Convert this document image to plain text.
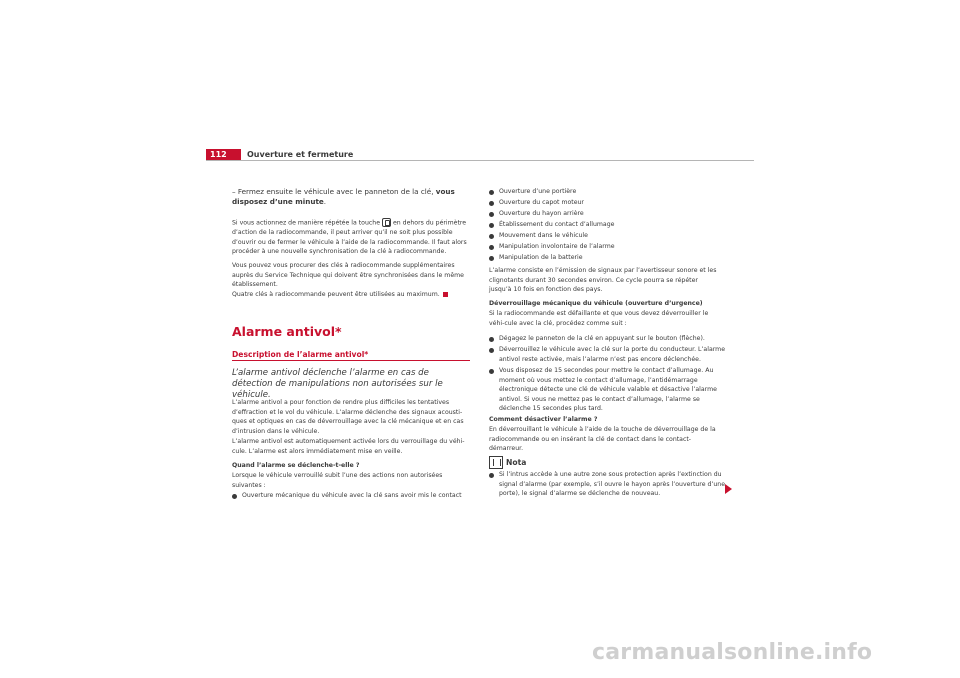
112	Ouverture et fermeture

– Fermez ensuite le véhicule avec le panneton de la clé, vous disposez d’une minute.

Si vous actionnez de manière répétée la touche en dehors du périmètre d’action de la radiocommande, il peut arriver qu’il ne soit plus possible d’ouvrir ou de fermer le véhicule à l’aide de la radiocommande. Il faut alors procéder à une nouvelle synchronisation de la clé à radiocommande.

Vous pouvez vous procurer des clés à radiocommande supplémentaires auprès du Service Technique qui doivent être synchronisées dans le même établissement.

Quatre clés à radiocommande peuvent être utilisées au maximum.

Alarme antivol*
Description de l’alarme antivol*

L’alarme antivol déclenche l’alarme en cas de détection de manipulations non autorisées sur le véhicule.

L’alarme antivol a pour fonction de rendre plus difficiles les tentatives d’effraction et le vol du véhicule. L’alarme déclenche des signaux acousti-ques et optiques en cas de déverrouillage avec la clé mécanique et en cas d’intrusion dans le véhicule.

L’alarme antivol est automatiquement activée lors du verrouillage du véhi-cule. L’alarme est alors immédiatement mise en veille.

Quand l’alarme se déclenche-t-elle ?

Lorsque le véhicule verrouillé subit l’une des actions non autorisées suivantes :

Ouverture mécanique du véhicule avec la clé sans avoir mis le contact

Ouverture d’une portière

Ouverture du capot moteur

Ouverture du hayon arrière

Établissement du contact d’allumage

Mouvement dans le véhicule

Manipulation involontaire de l’alarme

Manipulation de la batterie

L’alarme consiste en l’émission de signaux par l’avertisseur sonore et les clignotants durant 30 secondes environ. Ce cycle pourra se répéter jusqu’à 10 fois en fonction des pays.

Déverrouillage mécanique du véhicule (ouverture d’urgence)

Si la radiocommande est défaillante et que vous devez déverrouiller le véhi-cule avec la clé, procédez comme suit :

Dégagez le panneton de la clé en appuyant sur le bouton (flèche).

Déverrouillez le véhicule avec la clé sur la porte du conducteur. L’alarme antivol reste activée, mais l’alarme n’est pas encore déclenchée.

Vous disposez de 15 secondes pour mettre le contact d’allumage. Au moment où vous mettez le contact d’allumage, l’antidémarrage électronique détecte une clé de véhicule valable et désactive l’alarme antivol. Si vous ne mettez pas le contact d’allumage, l’alarme se déclenche 15 secondes plus tard.

Comment désactiver l’alarme ?

En déverrouillant le véhicule à l’aide de la touche de déverrouillage de la radiocommande ou en insérant la clé de contact dans le contact-démarreur.

Nota

Si l’intrus accède à une autre zone sous protection après l’extinction du signal d’alarme (par exemple, s’il ouvre le hayon après l’ouverture d’une porte), le signal d’alarme se déclenche de nouveau.

carmanualsonline.info
